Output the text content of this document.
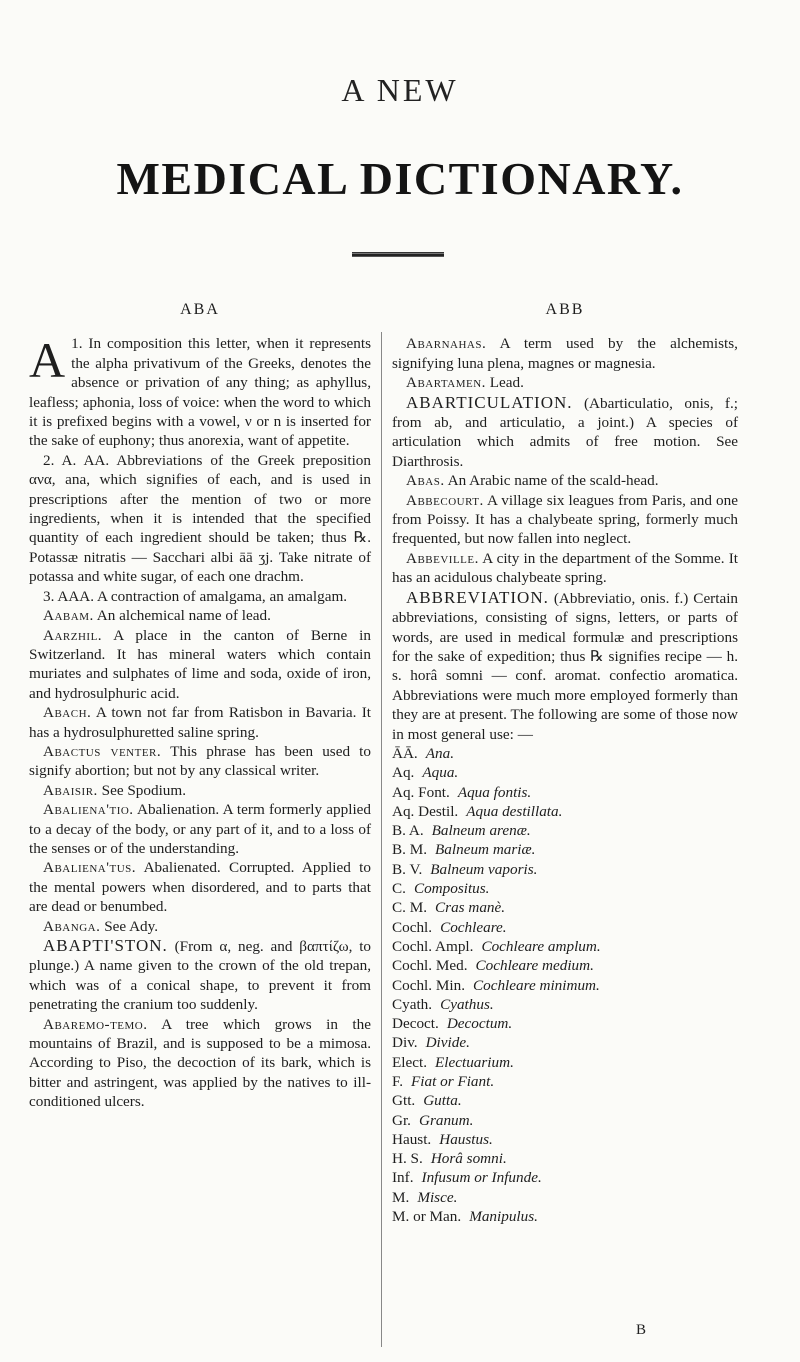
A NEW
MEDICAL DICTIONARY.
ABA

A 1. In composition this letter, when it represents the alpha privativum of the Greeks, denotes the absence or privation of any thing; as aphyllus, leafless; aphonia, loss of voice: when the word to which it is prefixed begins with a vowel, ν or n is inserted for the sake of euphony; thus anorexia, want of appetite.

2. A. AA. Abbreviations of the Greek preposition ανα, ana, which signifies of each, and is used in prescriptions after the mention of two or more ingredients, when it is intended that the specified quantity of each ingredient should be taken; thus ℞. Potassæ nitratis — Sacchari albi āā ʒj. Take nitrate of potassa and white sugar, of each one drachm.

3. AAA. A contraction of amalgama, an amalgam.

Aabam. An alchemical name of lead.

Aarzhil. A place in the canton of Berne in Switzerland. It has mineral waters which contain muriates and sulphates of lime and soda, oxide of iron, and hydrosulphuric acid.

Abach. A town not far from Ratisbon in Bavaria. It has a hydrosulphuretted saline spring.

Abactus venter. This phrase has been used to signify abortion; but not by any classical writer.

Abaisir. See Spodium.

Abaliena'tio. Abalienation. A term formerly applied to a decay of the body, or any part of it, and to a loss of the senses or of the understanding.

Abaliena'tus. Abalienated. Corrupted. Applied to the mental powers when disordered, and to parts that are dead or benumbed.

Abanga. See Ady.

ABAPTI'STON. (From α, neg. and βαπτίζω, to plunge.) A name given to the crown of the old trepan, which was of a conical shape, to prevent it from penetrating the cranium too suddenly.

Abaremo-temo. A tree which grows in the mountains of Brazil, and is supposed to be a mimosa. According to Piso, the decoction of its bark, which is bitter and astringent, was applied by the natives to ill-conditioned ulcers.

ABB

Abarnahas. A term used by the alchemists, signifying luna plena, magnes or magnesia.

Abartamen. Lead.

ABARTICULATION. (Abarticulatio, onis, f.; from ab, and articulatio, a joint.) A species of articulation which admits of free motion. See Diarthrosis.

Abas. An Arabic name of the scald-head.

Abbecourt. A village six leagues from Paris, and one from Poissy. It has a chalybeate spring, formerly much frequented, but now fallen into neglect.

Abbeville. A city in the department of the Somme. It has an acidulous chalybeate spring.

ABBREVIATION. (Abbreviatio, onis. f.) Certain abbreviations, consisting of signs, letters, or parts of words, are used in medical formulæ and prescriptions for the sake of expedition; thus ℞ signifies recipe — h. s. horâ somni — conf. aromat. confectio aromatica. Abbreviations were much more employed formerly than they are at present. The following are some of those now in most general use: —

ĀĀ. Ana.
Aq. Aqua.
Aq. Font. Aqua fontis.
Aq. Destil. Aqua destillata.
B. A. Balneum arenæ.
B. M. Balneum mariæ.
B. V. Balneum vaporis.
C. Compositus.
C. M. Cras manè.
Cochl. Cochleare.
Cochl. Ampl. Cochleare amplum.
Cochl. Med. Cochleare medium.
Cochl. Min. Cochleare minimum.
Cyath. Cyathus.
Decoct. Decoctum.
Div. Divide.
Elect. Electuarium.
F. Fiat or Fiant.
Gtt. Gutta.
Gr. Granum.
Haust. Haustus.
H. S. Horâ somni.
Inf. Infusum or Infunde.
M. Misce.
M. or Man. Manipulus.
B
